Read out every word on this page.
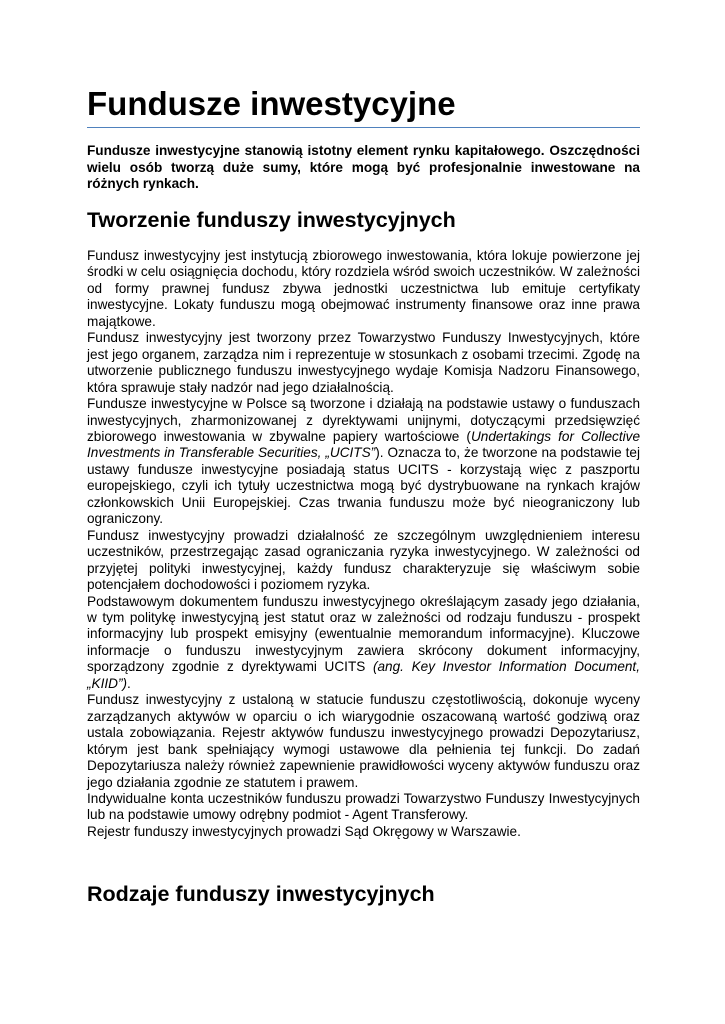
Fundusze inwestycyjne

Fundusze inwestycyjne stanowią istotny element rynku kapitałowego. Oszczędności wielu osób tworzą duże sumy, które mogą być profesjonalnie inwestowane na różnych rynkach.

Tworzenie funduszy inwestycyjnych

Fundusz inwestycyjny jest instytucją zbiorowego inwestowania, która lokuje powierzone jej środki w celu osiągnięcia dochodu, który rozdziela wśród swoich uczestników. W zależności od formy prawnej fundusz zbywa jednostki uczestnictwa lub emituje certyfikaty inwestycyjne. Lokaty funduszu mogą obejmować instrumenty finansowe oraz inne prawa majątkowe.

Fundusz inwestycyjny jest tworzony przez Towarzystwo Funduszy Inwestycyjnych, które jest jego organem, zarządza nim i reprezentuje w stosunkach z osobami trzecimi. Zgodę na utworzenie publicznego funduszu inwestycyjnego wydaje Komisja Nadzoru Finansowego, która sprawuje stały nadzór nad jego działalnością.

Fundusze inwestycyjne w Polsce są tworzone i działają na podstawie ustawy o funduszach inwestycyjnych, zharmonizowanej z dyrektywami unijnymi, dotyczącymi przedsięwzięć zbiorowego inwestowania w zbywalne papiery wartościowe (Undertakings for Collective Investments in Transferable Securities, „UCITS”). Oznacza to, że tworzone na podstawie tej ustawy fundusze inwestycyjne posiadają status UCITS - korzystają więc z paszportu europejskiego, czyli ich tytuły uczestnictwa mogą być dystrybuowane na rynkach krajów członkowskich Unii Europejskiej. Czas trwania funduszu może być nieograniczony lub ograniczony.

Fundusz inwestycyjny prowadzi działalność ze szczególnym uwzględnieniem interesu uczestników, przestrzegając zasad ograniczania ryzyka inwestycyjnego. W zależności od przyjętej polityki inwestycyjnej, każdy fundusz charakteryzuje się właściwym sobie potencjałem dochodowości i poziomem ryzyka.

Podstawowym dokumentem funduszu inwestycyjnego określającym zasady jego działania, w tym politykę inwestycyjną jest statut oraz w zależności od rodzaju funduszu - prospekt informacyjny lub prospekt emisyjny (ewentualnie memorandum informacyjne). Kluczowe informacje o funduszu inwestycyjnym zawiera skrócony dokument informacyjny, sporządzony zgodnie z dyrektywami UCITS (ang. Key Investor Information Document, „KIID”).

Fundusz inwestycyjny z ustaloną w statucie funduszu częstotliwością, dokonuje wyceny zarządzanych aktywów w oparciu o ich wiarygodnie oszacowaną wartość godziwą oraz ustala zobowiązania. Rejestr aktywów funduszu inwestycyjnego prowadzi Depozytariusz, którym jest bank spełniający wymogi ustawowe dla pełnienia tej funkcji. Do zadań Depozytariusza należy również zapewnienie prawidłowości wyceny aktywów funduszu oraz jego działania zgodnie ze statutem i prawem.

Indywidualne konta uczestników funduszu prowadzi Towarzystwo Funduszy Inwestycyjnych lub na podstawie umowy odrębny podmiot - Agent Transferowy.

Rejestr funduszy inwestycyjnych prowadzi Sąd Okręgowy w Warszawie.

Rodzaje funduszy inwestycyjnych
